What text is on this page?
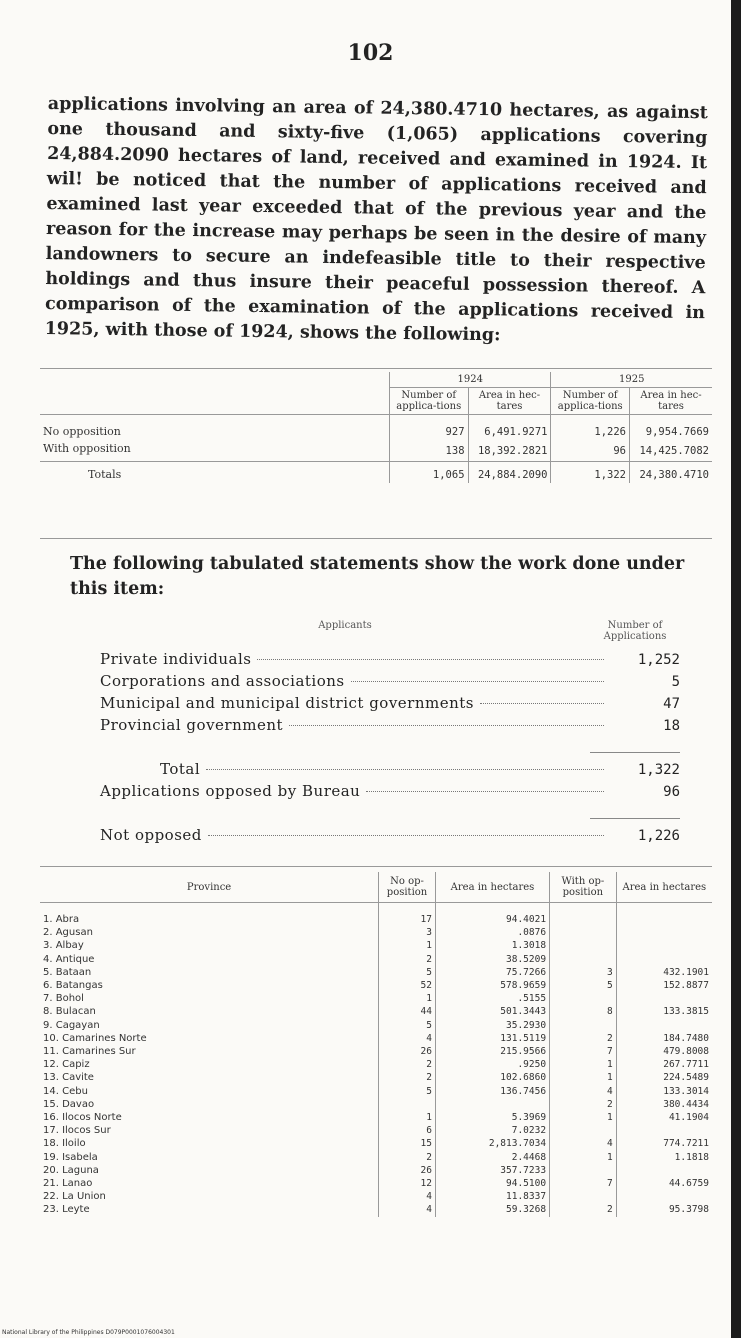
102

applications involving an area of 24,380.4710 hectares, as against one thousand and sixty-five (1,065) applications covering 24,884.2090 hectares of land, received and examined in 1924. It wil! be noticed that the number of applications received and examined last year exceeded that of the previous year and the reason for the increase may perhaps be seen in the desire of many landowners to secure an indefeasible title to their respective holdings and thus insure their peaceful possession thereof. A comparison of the examination of the applications received in 1925, with those of 1924, shows the following:

	1924		1925	
	Number of applica-tions	Area in hec-tares	Number of applica-tions	Area in hec-tares
No opposition	927	6,491.9271	1,226	9,954.7669
With opposition	138	18,392.2821	96	14,425.7082
Totals	1,065	24,884.2090	1,322	24,380.4710
The following tabulated statements show the work done under this item:
Applicants	Number of Applications
Private individuals	1,252
Corporations and associations	5
Municipal and municipal district governments	47
Provincial government	18
Total	1,322
Applications opposed by Bureau	96
Not opposed	1,226
Province	No op-position	Area in hectares	With op-position	Area in hectares
1. Abra	17	94.4021		
2. Agusan	3	.0876		
3. Albay	1	1.3018		
4. Antique	2	38.5209		
5. Bataan	5	75.7266	3	432.1901
6. Batangas	52	578.9659	5	152.8877
7. Bohol	1	.5155		
8. Bulacan	44	501.3443	8	133.3815
9. Cagayan	5	35.2930		
10. Camarines Norte	4	131.5119	2	184.7480
11. Camarines Sur	26	215.9566	7	479.8008
12. Capiz	2	.9250	1	267.7711
13. Cavite	2	102.6860	1	224.5489
14. Cebu	5	136.7456	4	133.3014
15. Davao			2	380.4434
16. Ilocos Norte	1	5.3969	1	41.1904
17. Ilocos Sur	6	7.0232		
18. Iloilo	15	2,813.7034	4	774.7211
19. Isabela	2	2.4468	1	1.1818
20. Laguna	26	357.7233		
21. Lanao	12	94.5100	7	44.6759
22. La Union	4	11.8337		
23. Leyte	4	59.3268	2	95.3798
National Library of the Philippines D079P0001076004301
